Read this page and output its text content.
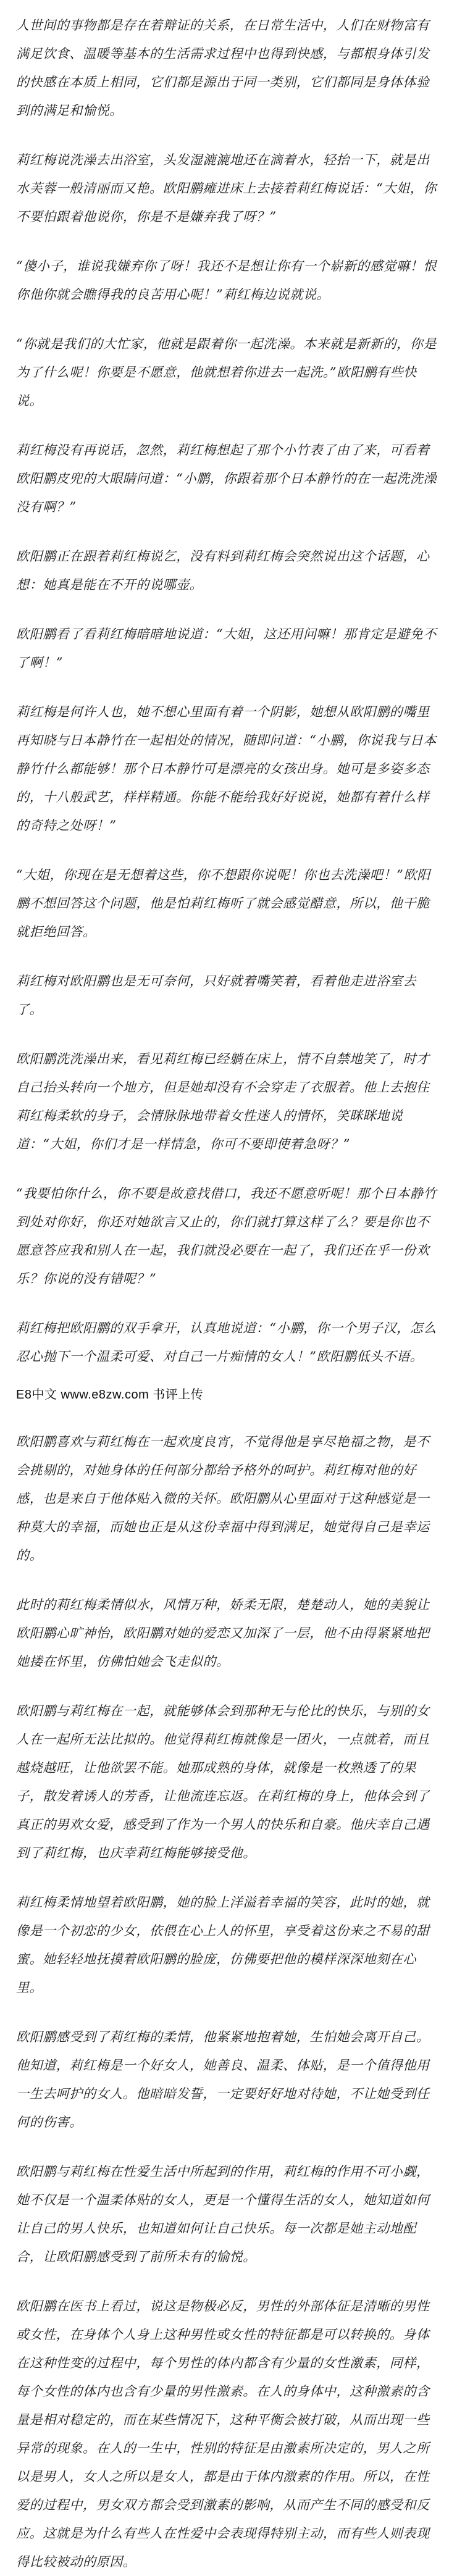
人世间的事物都是存在着辩证的关系，在日常生活中，人们在财物富有满足饮食、温暖等基本的生活需求过程中也得到快感，与都根身体引发的快感在本质上相同，它们都是源出于同一类别，它们都同是身体体验到的满足和愉悦。

莉红梅说洗澡去出浴室，头发湿漉漉地还在滴着水，轻抬一下，就是出水芙蓉一般清丽而又艳。欧阳鹏瘫进床上去接着莉红梅说话：“大姐，你不要怕跟着他说你，你是不是嫌弃我了呀？”

“傻小子，谁说我嫌弃你了呀！我还不是想让你有一个崭新的感觉嘛！恨你他你就会瞧得我的良苦用心呢！”莉红梅边说就说。

“你就是我们的大忙家，他就是跟着你一起洗澡。本来就是新新的，你是为了什么呢！你要是不愿意，他就想着你进去一起洗。”欧阳鹏有些快说。

莉红梅没有再说话，忽然，莉红梅想起了那个小竹表了由了来，可看着欧阳鹏皮兜的大眼睛问道：“小鹏，你跟着那个日本静竹的在一起洗洗澡没有啊？”

欧阳鹏正在跟着莉红梅说乞，没有料到莉红梅会突然说出这个话题，心想：她真是能在不开的说哪壶。

欧阳鹏看了看莉红梅暗暗地说道：“大姐，这还用问嘛！那肯定是避免不了啊！”

莉红梅是何许人也，她不想心里面有着一个阴影，她想从欧阳鹏的嘴里再知晓与日本静竹在一起相处的情况，随即问道：“小鹏，你说我与日本静竹什么都能够！那个日本静竹可是漂亮的女孩出身。她可是多姿多态的，十八般武艺，样样精通。你能不能给我好好说说，她都有着什么样的奇特之处呀！”

“大姐，你现在是无想着这些，你不想跟你说呢！你也去洗澡吧！”欧阳鹏不想回答这个问题，他是怕莉红梅听了就会感觉醋意，所以，他干脆就拒绝回答。

莉红梅对欧阳鹏也是无可奈何，只好就着嘴笑着，看着他走进浴室去了。

欧阳鹏洗洗澡出来，看见莉红梅已经躺在床上，情不自禁地笑了，时才自己抬头转向一个地方，但是她却没有不会穿走了衣服着。他上去抱住莉红梅柔软的身子，会情脉脉地带着女性迷人的情怀，笑眯眯地说道：“大姐，你们才是一样情急，你可不要即使着急呀？”

“我要怕你什么，你不要是故意找借口，我还不愿意听呢！那个日本静竹到处对你好，你还对她欲言又止的，你们就打算这样了么？要是你也不愿意答应我和别人在一起，我们就没必要在一起了，我们还在乎一份欢乐？你说的没有错呢？”

莉红梅把欧阳鹏的双手拿开，认真地说道：“小鹏，你一个男子汉，怎么忍心抛下一个温柔可爱、对自己一片痴情的女人！”欧阳鹏低头不语。

E8中文 www.e8zw.com 书评上传

欧阳鹏喜欢与莉红梅在一起欢度良宵，不觉得他是享尽艳福之物，是不会挑剔的，对她身体的任何部分都给予格外的呵护。莉红梅对他的好感，也是来自于他体贴入微的关怀。欧阳鹏从心里面对于这种感觉是一种莫大的幸福，而她也正是从这份幸福中得到满足，她觉得自己是幸运的。

此时的莉红梅柔情似水，风情万种，娇柔无限，楚楚动人，她的美貌让欧阳鹏心旷神怡，欧阳鹏对她的爱恋又加深了一层，他不由得紧紧地把她搂在怀里，仿佛怕她会飞走似的。

欧阳鹏与莉红梅在一起，就能够体会到那种无与伦比的快乐，与别的女人在一起所无法比拟的。他觉得莉红梅就像是一团火，一点就着，而且越烧越旺，让他欲罢不能。她那成熟的身体，就像是一枚熟透了的果子，散发着诱人的芳香，让他流连忘返。在莉红梅的身上，他体会到了真正的男欢女爱，感受到了作为一个男人的快乐和自豪。他庆幸自己遇到了莉红梅，也庆幸莉红梅能够接受他。

莉红梅柔情地望着欧阳鹏，她的脸上洋溢着幸福的笑容，此时的她，就像是一个初恋的少女，依偎在心上人的怀里，享受着这份来之不易的甜蜜。她轻轻地抚摸着欧阳鹏的脸庞，仿佛要把他的模样深深地刻在心里。

欧阳鹏感受到了莉红梅的柔情，他紧紧地抱着她，生怕她会离开自己。他知道，莉红梅是一个好女人，她善良、温柔、体贴，是一个值得他用一生去呵护的女人。他暗暗发誓，一定要好好地对待她，不让她受到任何的伤害。

欧阳鹏与莉红梅在性爱生活中所起到的作用，莉红梅的作用不可小觑，她不仅是一个温柔体贴的女人，更是一个懂得生活的女人，她知道如何让自己的男人快乐，也知道如何让自己快乐。每一次都是她主动地配合，让欧阳鹏感受到了前所未有的愉悦。

欧阳鹏在医书上看过，说这是物极必反，男性的外部体征是清晰的男性或女性，在身体个人身上这种男性或女性的特征都是可以转换的。身体在这种性变的过程中，每个男性的体内都含有少量的女性激素，同样，每个女性的体内也含有少量的男性激素。在人的身体中，这种激素的含量是相对稳定的，而在某些情况下，这种平衡会被打破，从而出现一些异常的现象。在人的一生中，性别的特征是由激素所决定的，男人之所以是男人，女人之所以是女人，都是由于体内激素的作用。所以，在性爱的过程中，男女双方都会受到激素的影响，从而产生不同的感受和反应。这就是为什么有些人在性爱中会表现得特别主动，而有些人则表现得比较被动的原因。
